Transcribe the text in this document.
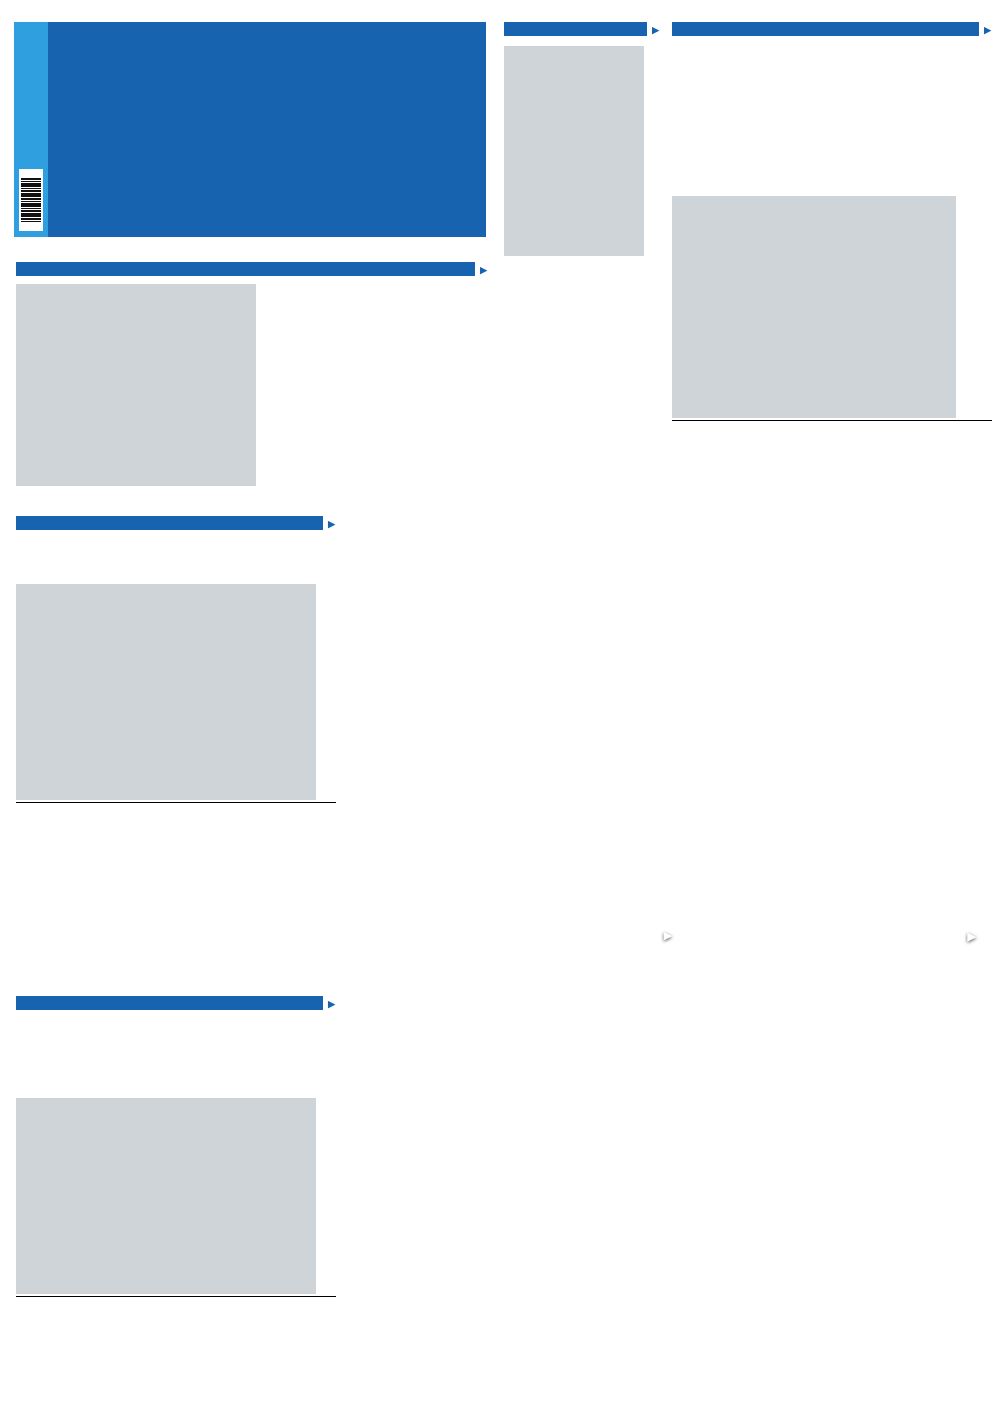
▶
▶
▶
▶
▶
▶	▶
